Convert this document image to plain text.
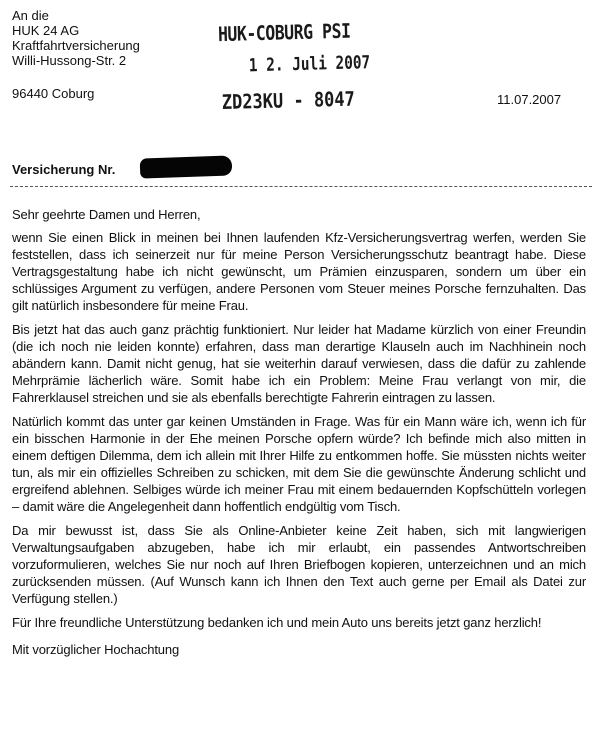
An die
HUK 24 AG
Kraftfahrtversicherung
Willi-Hussong-Str. 2
96440 Coburg
HUK-COBURG PSI
1 2. Juli 2007
ZD23KU - 8047	11.07.2007
Versicherung Nr.

Sehr geehrte Damen und Herren,

wenn Sie einen Blick in meinen bei Ihnen laufenden Kfz-Versicherungsvertrag werfen, werden Sie feststellen, dass ich seinerzeit nur für meine Person Versicherungsschutz beantragt habe. Diese Vertragsgestaltung habe ich nicht gewünscht, um Prämien einzusparen, sondern um über ein schlüssiges Argument zu verfügen, andere Personen vom Steuer meines Porsche fernzuhalten. Das gilt natürlich insbesondere für meine Frau.

Bis jetzt hat das auch ganz prächtig funktioniert. Nur leider hat Madame kürzlich von einer Freundin (die ich noch nie leiden konnte) erfahren, dass man derartige Klauseln auch im Nachhinein noch abändern kann. Damit nicht genug, hat sie weiterhin darauf verwiesen, dass die dafür zu zahlende Mehrprämie lächerlich wäre. Somit habe ich ein Problem: Meine Frau verlangt von mir, die Fahrerklausel streichen und sie als ebenfalls berechtigte Fahrerin eintragen zu lassen.

Natürlich kommt das unter gar keinen Umständen in Frage. Was für ein Mann wäre ich, wenn ich für ein bisschen Harmonie in der Ehe meinen Porsche opfern würde? Ich befinde mich also mitten in einem deftigen Dilemma, dem ich allein mit Ihrer Hilfe zu entkommen hoffe. Sie müssten nichts weiter tun, als mir ein offizielles Schreiben zu schicken, mit dem Sie die gewünschte Änderung schlicht und ergreifend ablehnen. Selbiges würde ich meiner Frau mit einem bedauernden Kopfschütteln vorlegen – damit wäre die Angelegenheit dann hoffentlich endgültig vom Tisch.

Da mir bewusst ist, dass Sie als Online-Anbieter keine Zeit haben, sich mit langwierigen Verwaltungsaufgaben abzugeben, habe ich mir erlaubt, ein passendes Antwortschreiben vorzuformulieren, welches Sie nur noch auf Ihren Briefbogen kopieren, unterzeichnen und an mich zurücksenden müssen. (Auf Wunsch kann ich Ihnen den Text auch gerne per Email als Datei zur Verfügung stellen.)

Für Ihre freundliche Unterstützung bedanken ich und mein Auto uns bereits jetzt ganz herzlich!

Mit vorzüglicher Hochachtung
